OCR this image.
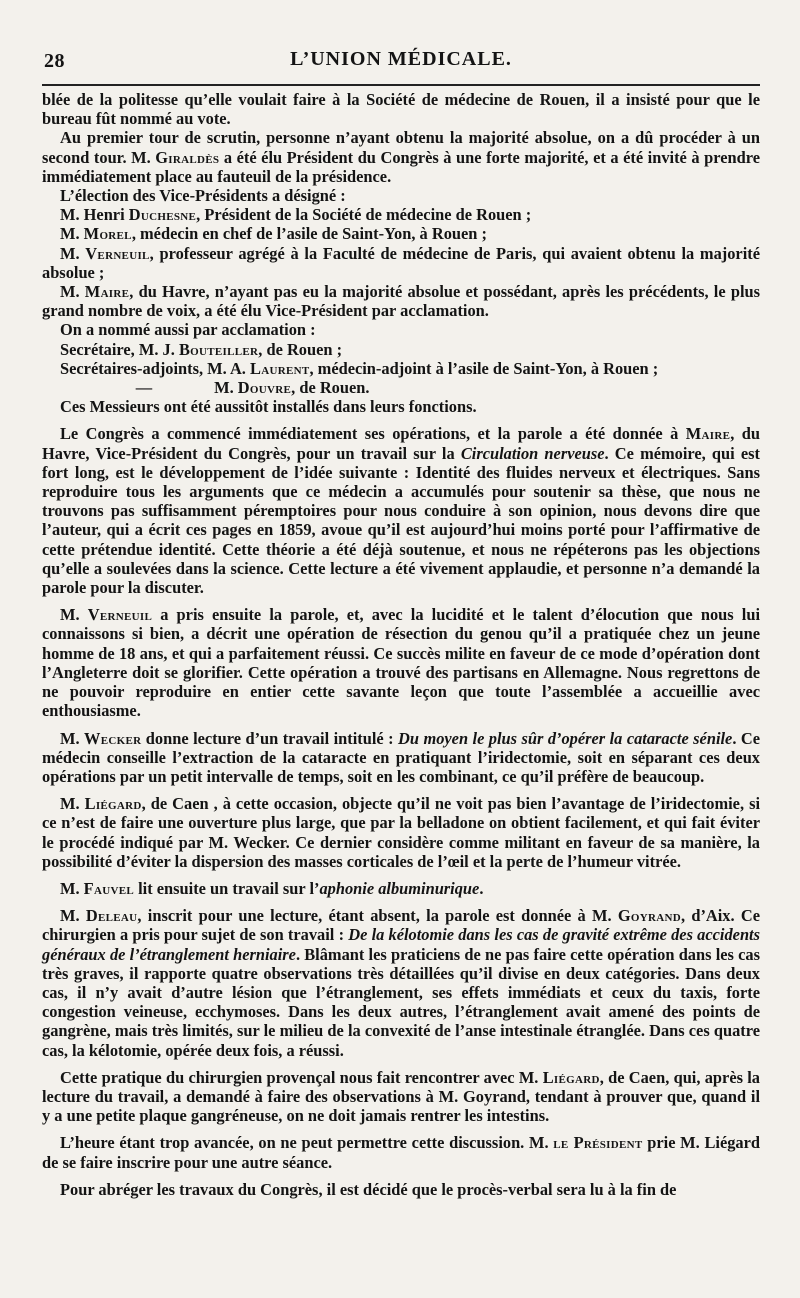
28	L’UNION MÉDICALE.

blée de la politesse qu’elle voulait faire à la Société de médecine de Rouen, il a insisté pour que le bureau fût nommé au vote.

Au premier tour de scrutin, personne n’ayant obtenu la majorité absolue, on a dû procéder à un second tour. M. Giraldès a été élu Président du Congrès à une forte majorité, et a été invité à prendre immédiatement place au fauteuil de la présidence.

L’élection des Vice-Présidents a désigné :

M. Henri Duchesne, Président de la Société de médecine de Rouen ;

M. Morel, médecin en chef de l’asile de Saint-Yon, à Rouen ;

M. Verneuil, professeur agrégé à la Faculté de médecine de Paris, qui avaient obtenu la majorité absolue ;

M. Maire, du Havre, n’ayant pas eu la majorité absolue et possédant, après les précédents, le plus grand nombre de voix, a été élu Vice-Président par acclamation.

On a nommé aussi par acclamation :

Secrétaire, M. J. Bouteiller, de Rouen ;

Secrétaires-adjoints, M. A. Laurent, médecin-adjoint à l’asile de Saint-Yon, à Rouen ;

—	M. Douvre, de Rouen.

Ces Messieurs ont été aussitôt installés dans leurs fonctions.

Le Congrès a commencé immédiatement ses opérations, et la parole a été donnée à Maire, du Havre, Vice-Président du Congrès, pour un travail sur la Circulation nerveuse. Ce mémoire, qui est fort long, est le développement de l’idée suivante : Identité des fluides nerveux et électriques. Sans reproduire tous les arguments que ce médecin a accumulés pour soutenir sa thèse, que nous ne trouvons pas suffisamment péremptoires pour nous conduire à son opinion, nous devons dire que l’auteur, qui a écrit ces pages en 1859, avoue qu’il est aujourd’hui moins porté pour l’affirmative de cette prétendue identité. Cette théorie a été déjà soutenue, et nous ne répéterons pas les objections qu’elle a soulevées dans la science. Cette lecture a été vivement applaudie, et personne n’a demandé la parole pour la discuter.

M. Verneuil a pris ensuite la parole, et, avec la lucidité et le talent d’élocution que nous lui connaissons si bien, a décrit une opération de résection du genou qu’il a pratiquée chez un jeune homme de 18 ans, et qui a parfaitement réussi. Ce succès milite en faveur de ce mode d’opération dont l’Angleterre doit se glorifier. Cette opération a trouvé des partisans en Allemagne. Nous regrettons de ne pouvoir reproduire en entier cette savante leçon que toute l’assemblée a accueillie avec enthousiasme.

M. Wecker donne lecture d’un travail intitulé : Du moyen le plus sûr d’opérer la cataracte sénile. Ce médecin conseille l’extraction de la cataracte en pratiquant l’iridectomie, soit en séparant ces deux opérations par un petit intervalle de temps, soit en les combinant, ce qu’il préfère de beaucoup.

M. Liégard, de Caen , à cette occasion, objecte qu’il ne voit pas bien l’avantage de l’iridectomie, si ce n’est de faire une ouverture plus large, que par la belladone on obtient facilement, et qui fait éviter le procédé indiqué par M. Wecker. Ce dernier considère comme militant en faveur de sa manière, la possibilité d’éviter la dispersion des masses corticales de l’œil et la perte de l’humeur vitrée.

M. Fauvel lit ensuite un travail sur l’aphonie albuminurique.

M. Deleau, inscrit pour une lecture, étant absent, la parole est donnée à M. Goyrand, d’Aix. Ce chirurgien a pris pour sujet de son travail : De la kélotomie dans les cas de gravité extrême des accidents généraux de l’étranglement herniaire. Blâmant les praticiens de ne pas faire cette opération dans les cas très graves, il rapporte quatre observations très détaillées qu’il divise en deux catégories. Dans deux cas, il n’y avait d’autre lésion que l’étranglement, ses effets immédiats et ceux du taxis, forte congestion veineuse, ecchymoses. Dans les deux autres, l’étranglement avait amené des points de gangrène, mais très limités, sur le milieu de la convexité de l’anse intestinale étranglée. Dans ces quatre cas, la kélotomie, opérée deux fois, a réussi.

Cette pratique du chirurgien provençal nous fait rencontrer avec M. Liégard, de Caen, qui, après la lecture du travail, a demandé à faire des observations à M. Goyrand, tendant à prouver que, quand il y a une petite plaque gangréneuse, on ne doit jamais rentrer les intestins.

L’heure étant trop avancée, on ne peut permettre cette discussion. M. le Président prie M. Liégard de se faire inscrire pour une autre séance.

Pour abréger les travaux du Congrès, il est décidé que le procès-verbal sera lu à la fin de
